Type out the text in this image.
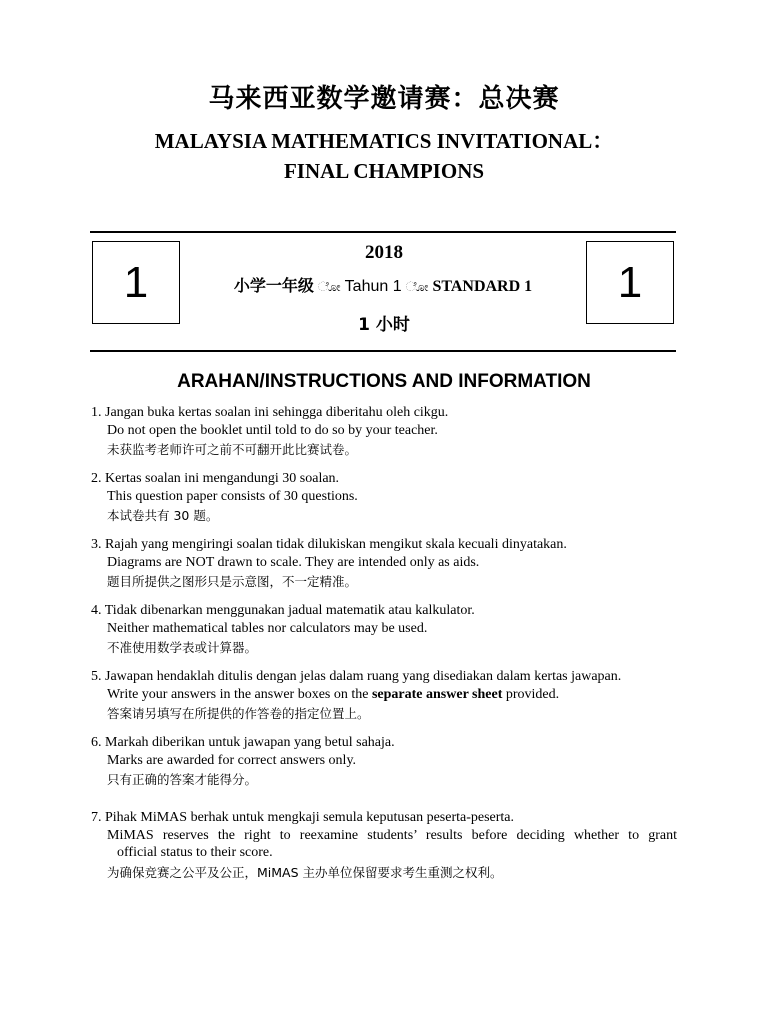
马来西亚数学邀请赛：总决赛
MALAYSIA MATHEMATICS INVITATIONAL：
FINAL CHAMPIONS
1	1
2018
小学一年级 ೋ Tahun 1 ೋ STANDARD 1
1 小时
ARAHAN/INSTRUCTIONS AND INFORMATION
1. Jangan buka kertas soalan ini sehingga diberitahu oleh cikgu.
Do not open the booklet until told to do so by your teacher.
未获监考老师许可之前不可翻开此比赛试卷。
2. Kertas soalan ini mengandungi 30 soalan.
This question paper consists of 30 questions.
本试卷共有 30 题。
3. Rajah yang mengiringi soalan tidak dilukiskan mengikut skala kecuali dinyatakan.
Diagrams are NOT drawn to scale. They are intended only as aids.
题目所提供之图形只是示意图，不一定精准。
4. Tidak dibenarkan menggunakan jadual matematik atau kalkulator.
Neither mathematical tables nor calculators may be used.
不准使用数学表或计算器。
5. Jawapan hendaklah ditulis dengan jelas dalam ruang yang disediakan dalam kertas jawapan.
Write your answers in the answer boxes on the separate answer sheet provided.
答案请另填写在所提供的作答卷的指定位置上。
6. Markah diberikan untuk jawapan yang betul sahaja.
Marks are awarded for correct answers only.
只有正确的答案才能得分。
7. Pihak MiMAS berhak untuk mengkaji semula keputusan peserta-peserta.
MiMAS reserves the right to reexamine students’ results before deciding whether to grant
official status to their score.
为确保竞赛之公平及公正，MiMAS 主办单位保留要求考生重测之权利。
